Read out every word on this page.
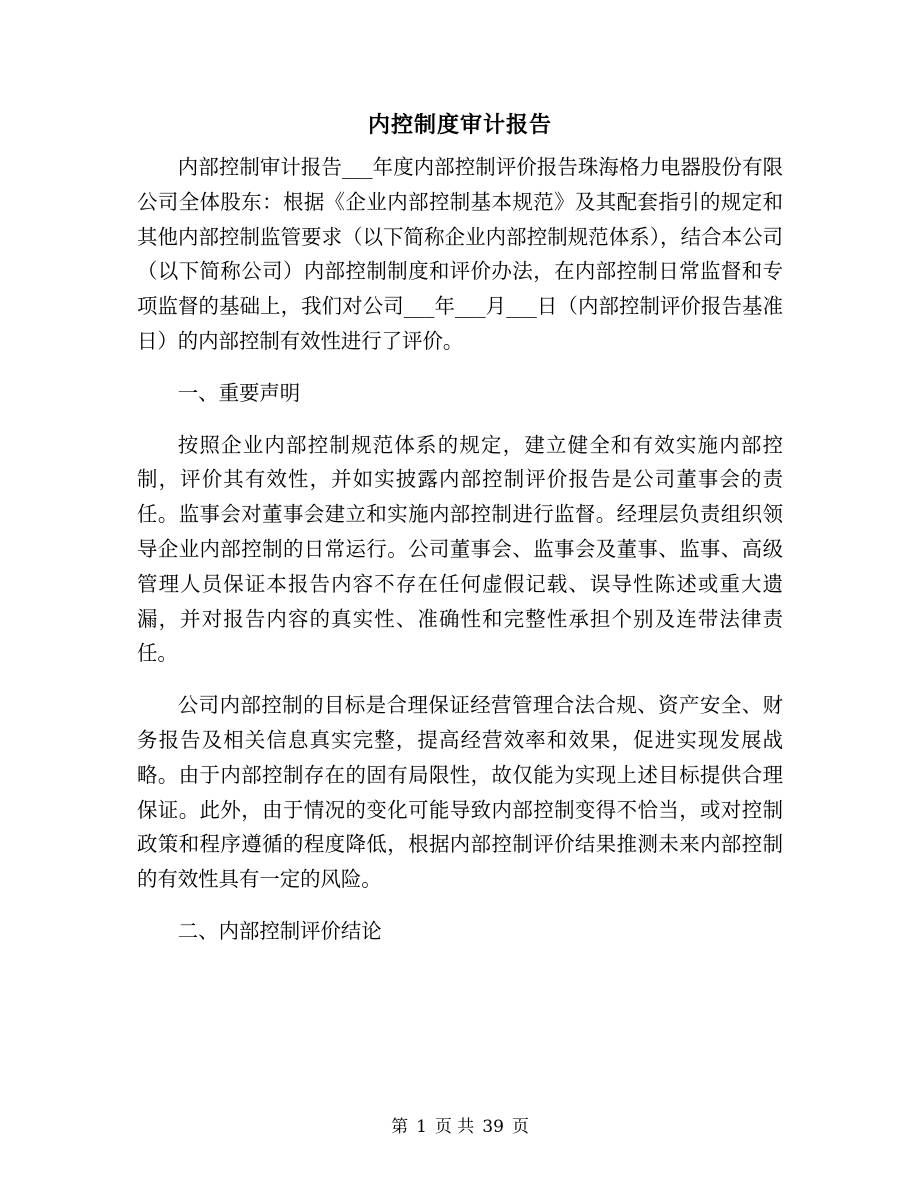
内控制度审计报告

内部控制审计报告___年度内部控制评价报告珠海格力电器股份有限公司全体股东：根据《企业内部控制基本规范》及其配套指引的规定和其他内部控制监管要求（以下简称企业内部控制规范体系），结合本公司（以下简称公司）内部控制制度和评价办法，在内部控制日常监督和专项监督的基础上，我们对公司___年___月___日（内部控制评价报告基准日）的内部控制有效性进行了评价。

一、重要声明

按照企业内部控制规范体系的规定，建立健全和有效实施内部控制，评价其有效性，并如实披露内部控制评价报告是公司董事会的责任。监事会对董事会建立和实施内部控制进行监督。经理层负责组织领导企业内部控制的日常运行。公司董事会、监事会及董事、监事、高级管理人员保证本报告内容不存在任何虚假记载、误导性陈述或重大遗漏，并对报告内容的真实性、准确性和完整性承担个别及连带法律责任。

公司内部控制的目标是合理保证经营管理合法合规、资产安全、财务报告及相关信息真实完整，提高经营效率和效果，促进实现发展战略。由于内部控制存在的固有局限性，故仅能为实现上述目标提供合理保证。此外，由于情况的变化可能导致内部控制变得不恰当，或对控制政策和程序遵循的程度降低，根据内部控制评价结果推测未来内部控制的有效性具有一定的风险。

二、内部控制评价结论

第 1 页 共 39 页
